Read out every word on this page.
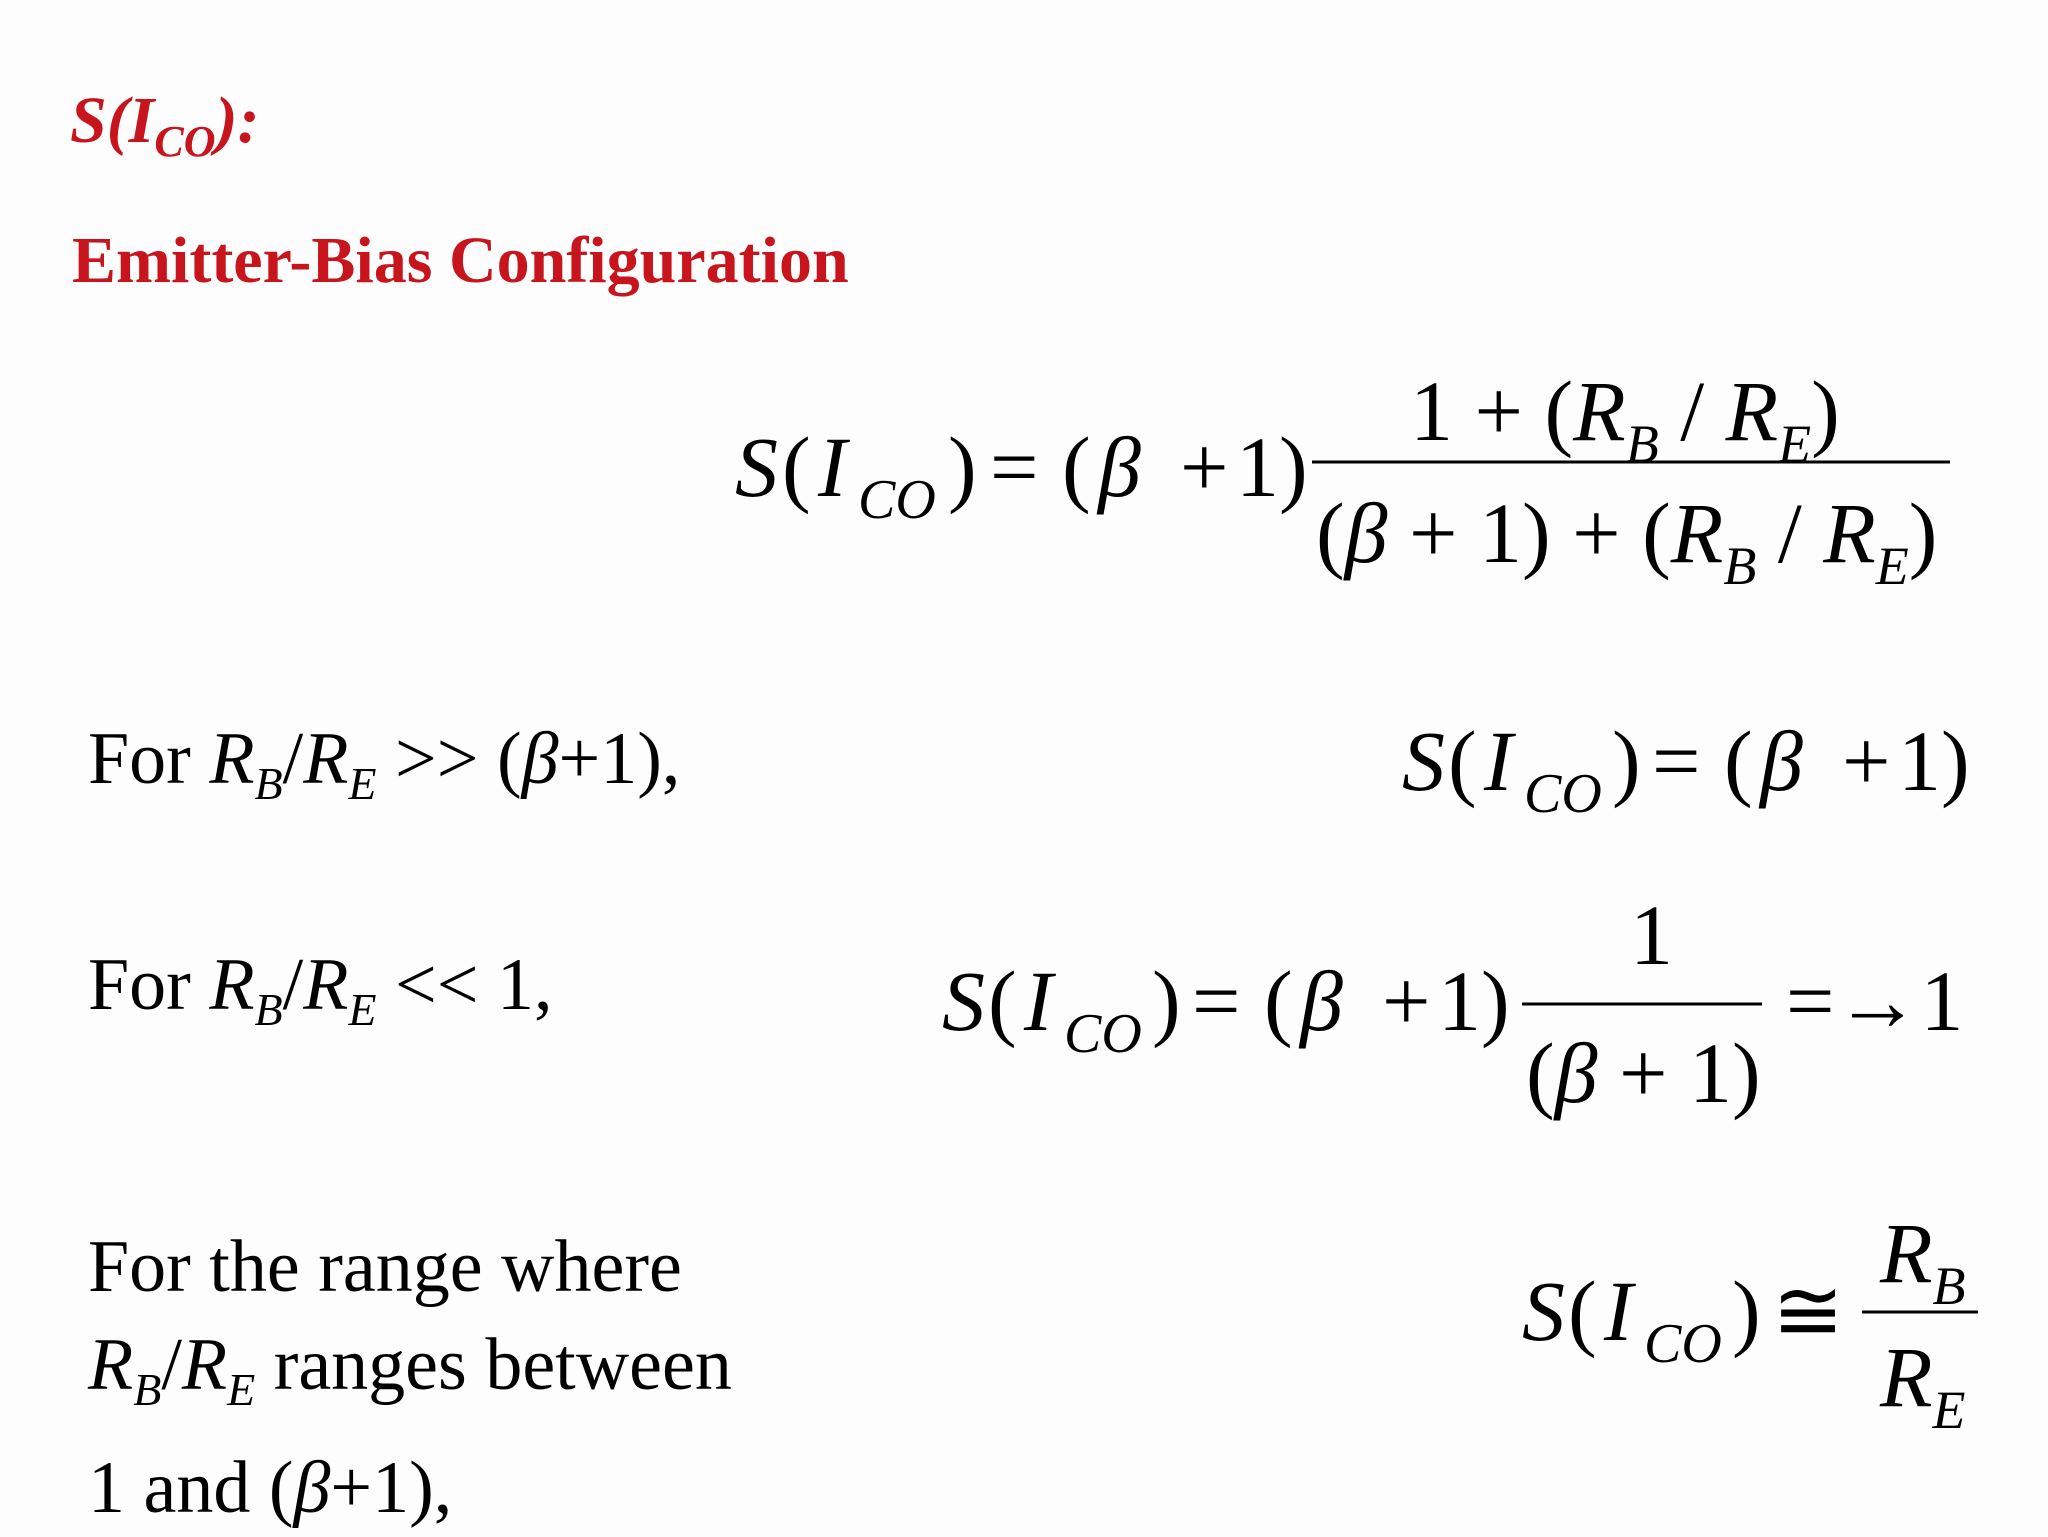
$S(I_{CO})$:
Emitter-Bias Configuration
S ( I CO ) = ( β + 1)
$1 + (R_B / R_E)$
$(\beta + 1) + (R_B / R_E)$
For $R_B/R_E >> (\beta+1)$,	S ( I CO ) = ( β + 1)
For $R_B/R_E << 1$,	S ( I CO ) = ( β + 1)
1
(β + 1)
=→1
For the range where
$R_B/R_E$ ranges between
1 and (β+1),
S ( I CO ) ≅
$R_B$
$R_E$
